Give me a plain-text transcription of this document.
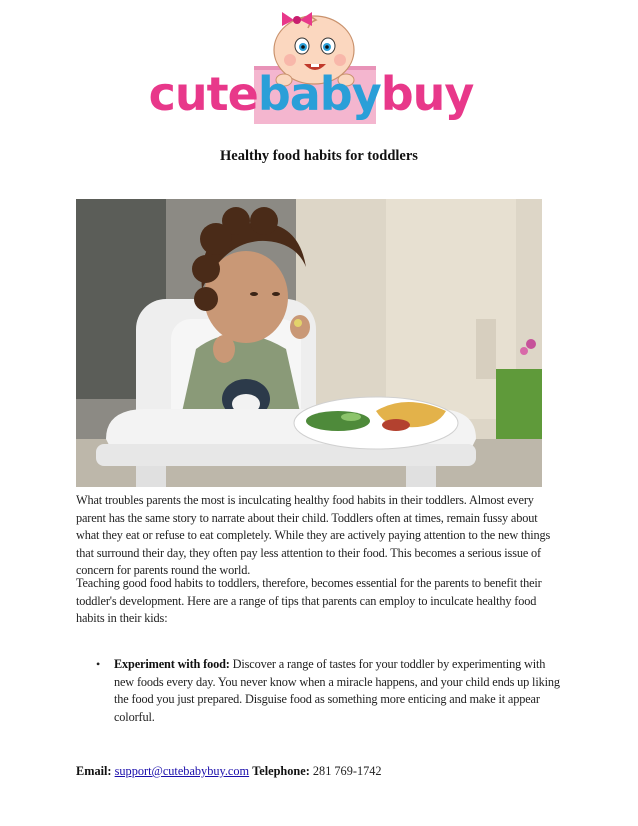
cutebabybuy
Healthy food habits for toddlers

What troubles parents the most is inculcating healthy food habits in their toddlers. Almost every parent has the same story to narrate about their child. Toddlers often at times, remain fussy about what they eat or refuse to eat completely. While they are actively paying attention to the new things that surround their day, they often pay less attention to their food. This becomes a serious issue of concern for parents round the world.

Teaching good food habits to toddlers, therefore, becomes essential for the parents to benefit their toddler's development. Here are a range of tips that parents can employ to inculcate healthy food habits in their kids:

• Experiment with food: Discover a range of tastes for your toddler by experimenting with new foods every day. You never know when a miracle happens, and your child ends up liking the food you just prepared. Disguise food as something more enticing and make it appear colorful.
Email: support@cutebabybuy.com Telephone: 281 769-1742
